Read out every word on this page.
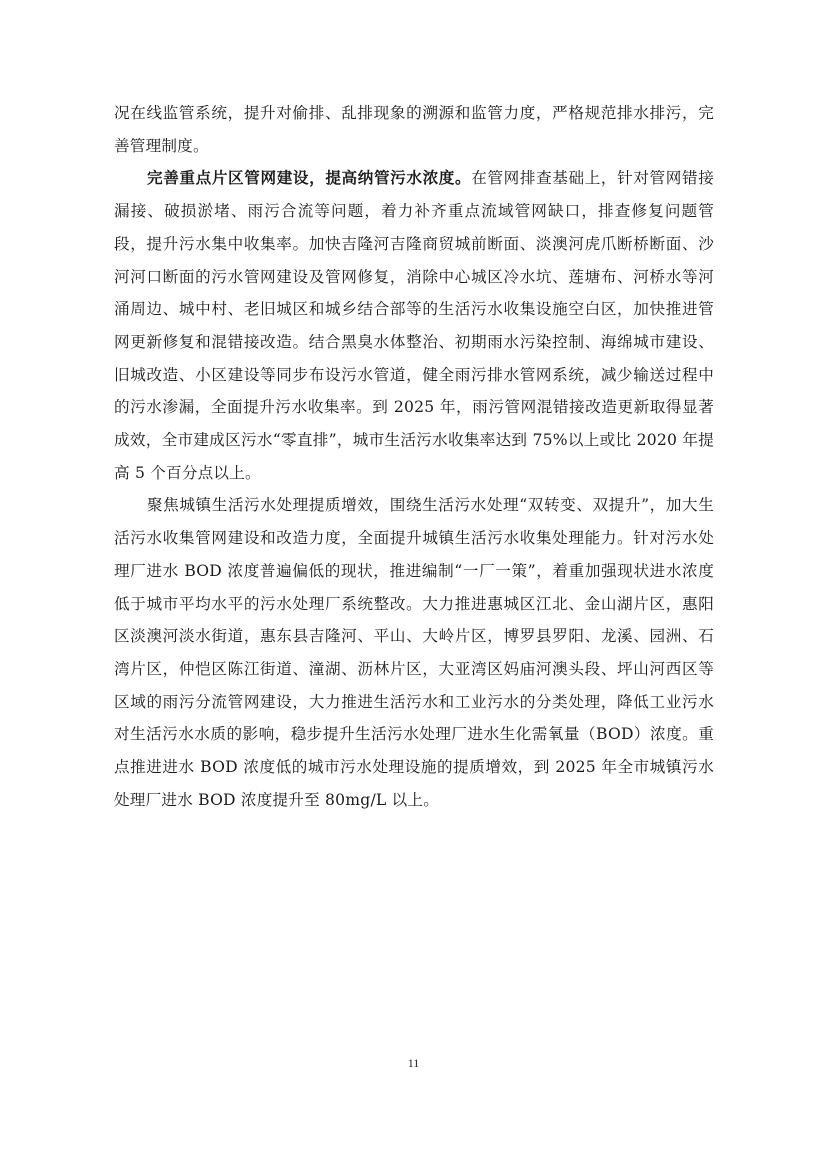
况在线监管系统，提升对偷排、乱排现象的溯源和监管力度，严格规范排水排污，完善管理制度。

完善重点片区管网建设，提高纳管污水浓度。在管网排查基础上，针对管网错接漏接、破损淤堵、雨污合流等问题，着力补齐重点流域管网缺口，排查修复问题管段，提升污水集中收集率。加快吉隆河吉隆商贸城前断面、淡澳河虎爪断桥断面、沙河河口断面的污水管网建设及管网修复，消除中心城区冷水坑、莲塘布、河桥水等河涌周边、城中村、老旧城区和城乡结合部等的生活污水收集设施空白区，加快推进管网更新修复和混错接改造。结合黑臭水体整治、初期雨水污染控制、海绵城市建设、旧城改造、小区建设等同步布设污水管道，健全雨污排水管网系统，减少输送过程中的污水渗漏，全面提升污水收集率。到 2025 年，雨污管网混错接改造更新取得显著成效，全市建成区污水“零直排”，城市生活污水收集率达到 75%以上或比 2020 年提高 5 个百分点以上。

聚焦城镇生活污水处理提质增效，围绕生活污水处理“双转变、双提升”，加大生活污水收集管网建设和改造力度，全面提升城镇生活污水收集处理能力。针对污水处理厂进水 BOD 浓度普遍偏低的现状，推进编制“一厂一策”，着重加强现状进水浓度低于城市平均水平的污水处理厂系统整改。大力推进惠城区江北、金山湖片区，惠阳区淡澳河淡水街道，惠东县吉隆河、平山、大岭片区，博罗县罗阳、龙溪、园洲、石湾片区，仲恺区陈江街道、潼湖、沥林片区，大亚湾区妈庙河澳头段、坪山河西区等区域的雨污分流管网建设，大力推进生活污水和工业污水的分类处理，降低工业污水对生活污水水质的影响，稳步提升生活污水处理厂进水生化需氧量（BOD）浓度。重点推进进水 BOD 浓度低的城市污水处理设施的提质增效，到 2025 年全市城镇污水处理厂进水 BOD 浓度提升至 80mg/L 以上。

11
